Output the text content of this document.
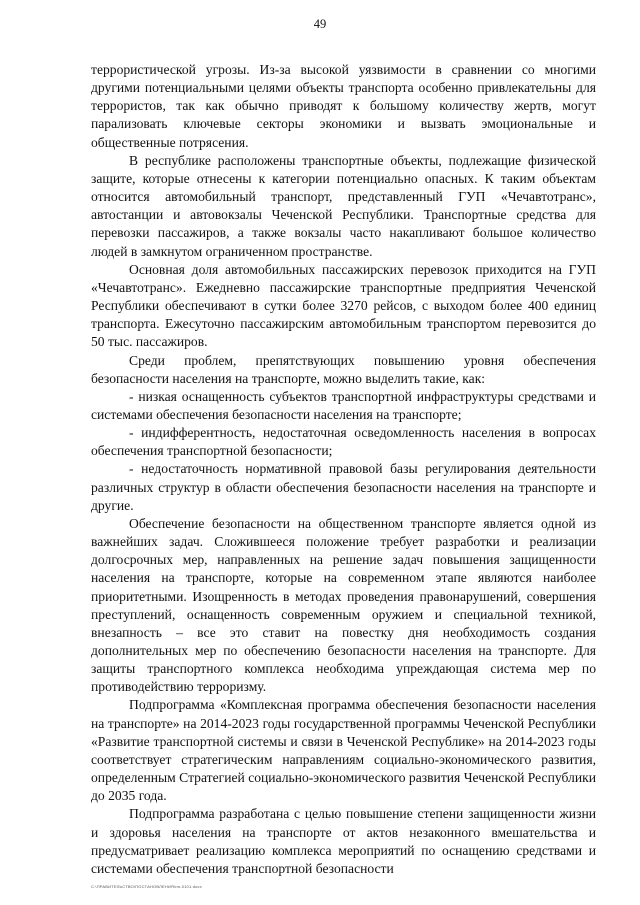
49

террористической угрозы. Из-за высокой уязвимости в сравнении со многими другими потенциальными целями объекты транспорта особенно привлекательны для террористов, так как обычно приводят к большому количеству жертв, могут парализовать ключевые секторы экономики и вызвать эмоциональные и общественные потрясения.

В республике расположены транспортные объекты, подлежащие физической защите, которые отнесены к категории потенциально опасных. К таким объектам относится автомобильный транспорт, представленный ГУП «Чечавтотранс», автостанции и автовокзалы Чеченской Республики. Транспортные средства для перевозки пассажиров, а также вокзалы часто накапливают большое количество людей в замкнутом ограниченном пространстве.

Основная доля автомобильных пассажирских перевозок приходится на ГУП «Чечавтотранс». Ежедневно пассажирские транспортные предприятия Чеченской Республики обеспечивают в сутки более 3270 рейсов, с выходом более 400 единиц транспорта. Ежесуточно пассажирским автомобильным транспортом перевозится до 50 тыс. пассажиров.

Среди проблем, препятствующих повышению уровня обеспечения безопасности населения на транспорте, можно выделить такие, как:

- низкая оснащенность субъектов транспортной инфраструктуры средствами и системами обеспечения безопасности населения на транспорте;

- индифферентность, недостаточная осведомленность населения в вопросах обеспечения транспортной безопасности;

- недостаточность нормативной правовой базы регулирования деятельности различных структур в области обеспечения безопасности населения на транспорте и другие.

Обеспечение безопасности на общественном транспорте является одной из важнейших задач. Сложившееся положение требует разработки и реализации долгосрочных мер, направленных на решение задач повышения защищенности населения на транспорте, которые на современном этапе являются наиболее приоритетными. Изощренность в методах проведения правонарушений, совершения преступлений, оснащенность современным оружием и специальной техникой, внезапность – все это ставит на повестку дня необходимость создания дополнительных мер по обеспечению безопасности населения на транспорте. Для защиты транспортного комплекса необходима упреждающая система мер по противодействию терроризму.

Подпрограмма «Комплексная программа обеспечения безопасности населения на транспорте» на 2014-2023 годы государственной программы Чеченской Республики «Развитие транспортной системы и связи в Чеченской Республике» на 2014-2023 годы соответствует стратегическим направлениям социально-экономического развития, определенным Стратегией социально-экономического развития Чеченской Республики до 2035 года.

Подпрограмма разработана с целью повышение степени защищенности жизни и здоровья населения на транспорте от актов незаконного вмешательства и предусматривает реализацию комплекса мероприятий по оснащению средствами и системами обеспечения транспортной безопасности

С:\ПРАВИТЕЛЬСТВО\ПОСТАНОВЛЕНИЯ\пп-0101.docx
